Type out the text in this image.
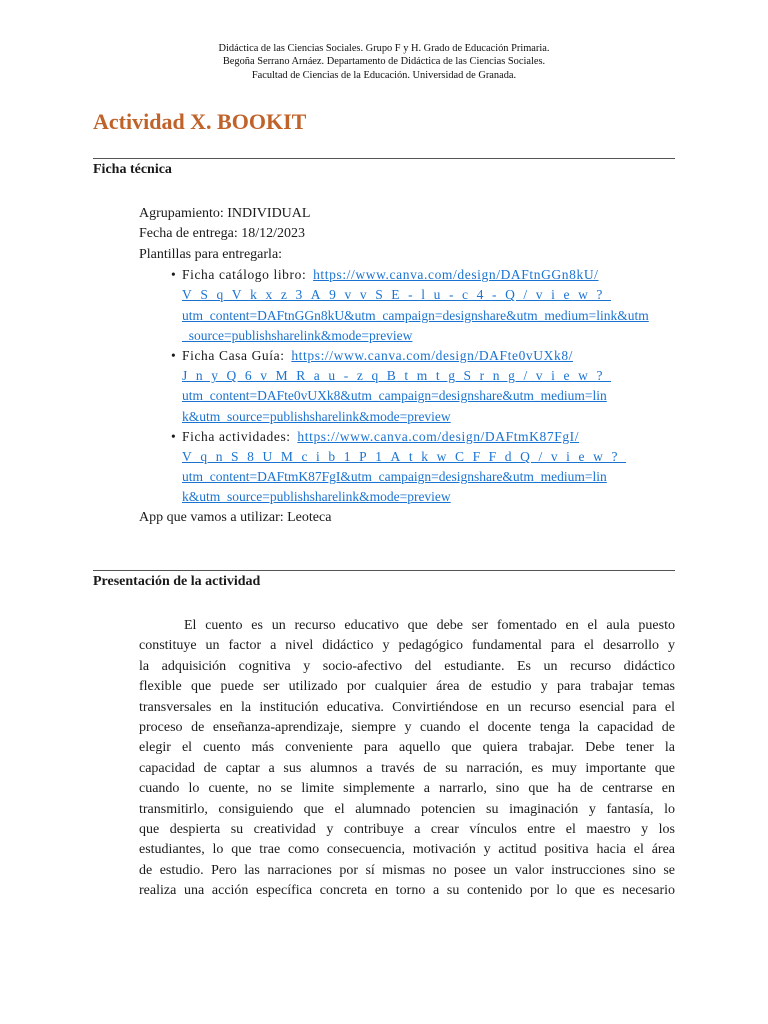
Didáctica de las Ciencias Sociales. Grupo F y H. Grado de Educación Primaria.
Begoña Serrano Arnáez. Departamento de Didáctica de las Ciencias Sociales.
Facultad de Ciencias de la Educación. Universidad de Granada.
Actividad X. BOOKIT
Ficha técnica
Agrupamiento: INDIVIDUAL
Fecha de entrega: 18/12/2023
Plantillas para entregarla:
• Ficha catálogo libro: https://www.canva.com/design/DAFtnGGn8kU/
VSqVkxz3A9vvSE-lu-c4-Q/view?
utm_content=DAFtnGGn8kU&utm_campaign=designshare&utm_medium=link&utm
_source=publishsharelink&mode=preview
• Ficha Casa Guía: https://www.canva.com/design/DAFte0vUXk8/
JnyQ6vMRau-zqBtmtgSrng/view?
utm_content=DAFte0vUXk8&utm_campaign=designshare&utm_medium=lin
k&utm_source=publishsharelink&mode=preview
• Ficha actividades: https://www.canva.com/design/DAFtmK87FgI/
VqnS8UMcib1P1AtkwCFFdQ/view?
utm_content=DAFtmK87FgI&utm_campaign=designshare&utm_medium=lin
k&utm_source=publishsharelink&mode=preview
App que vamos a utilizar: Leoteca
Presentación de la actividad
El cuento es un recurso educativo que debe ser fomentado en el aula puesto
constituye un factor a nivel didáctico y pedagógico fundamental para el desarrollo y
la adquisición cognitiva y socio-afectivo del estudiante. Es un recurso didáctico
flexible que puede ser utilizado por cualquier área de estudio y para trabajar temas
transversales en la institución educativa. Convirtiéndose en un recurso esencial para el
proceso de enseñanza-aprendizaje, siempre y cuando el docente tenga la capacidad de
elegir el cuento más conveniente para aquello que quiera trabajar. Debe tener la
capacidad de captar a sus alumnos a través de su narración, es muy importante que
cuando lo cuente, no se limite simplemente a narrarlo, sino que ha de centrarse en
transmitirlo, consiguiendo que el alumnado potencien su imaginación y fantasía, lo
que despierta su creatividad y contribuye a crear vínculos entre el maestro y los
estudiantes, lo que trae como consecuencia, motivación y actitud positiva hacia el área
de estudio. Pero las narraciones por sí mismas no posee un valor instrucciones sino se
realiza una acción específica concreta en torno a su contenido por lo que es necesario
